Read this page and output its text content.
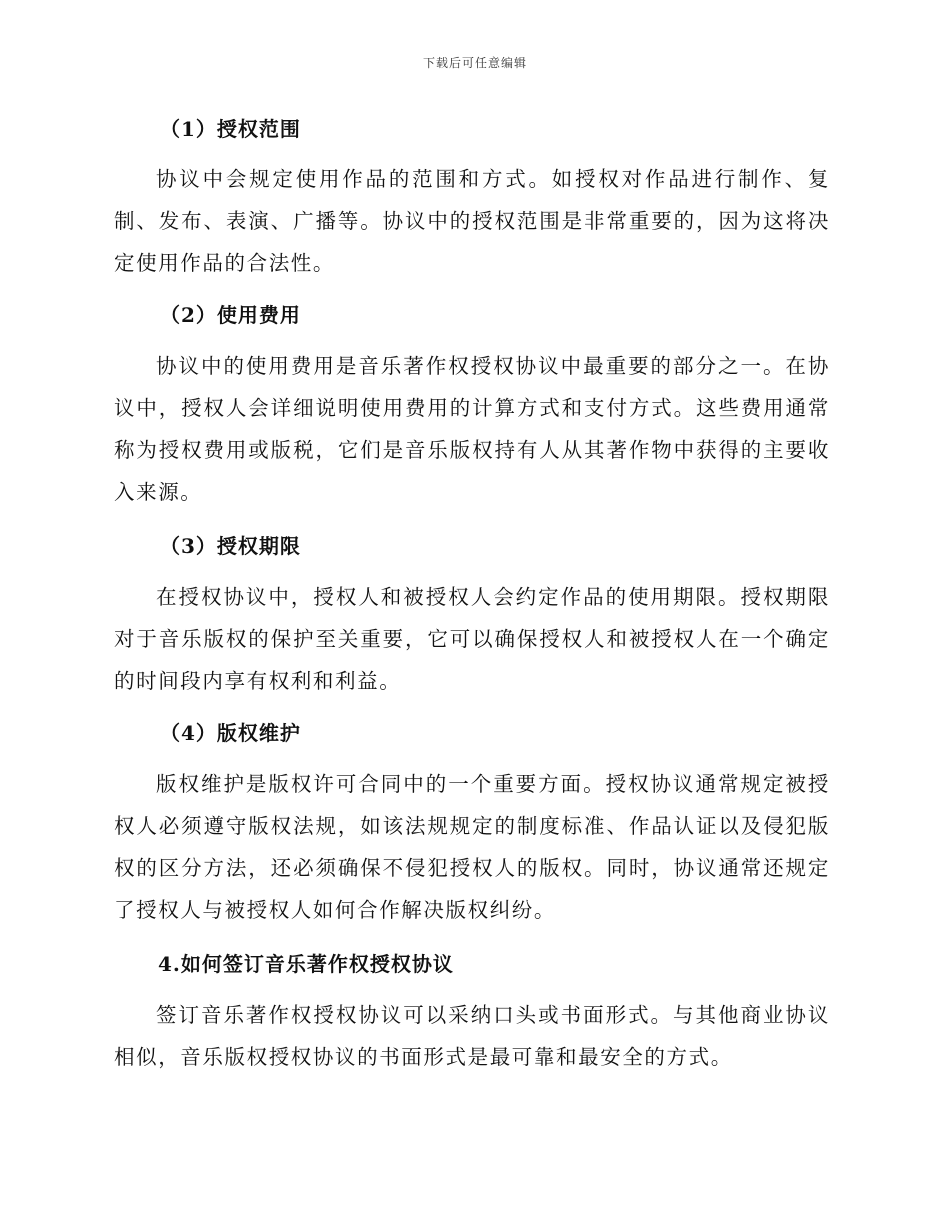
下载后可任意编辑
（1）授权范围

协议中会规定使用作品的范围和方式。如授权对作品进行制作、复制、发布、表演、广播等。协议中的授权范围是非常重要的，因为这将决定使用作品的合法性。

（2）使用费用

协议中的使用费用是音乐著作权授权协议中最重要的部分之一。在协议中，授权人会详细说明使用费用的计算方式和支付方式。这些费用通常称为授权费用或版税，它们是音乐版权持有人从其著作物中获得的主要收入来源。

（3）授权期限

在授权协议中，授权人和被授权人会约定作品的使用期限。授权期限对于音乐版权的保护至关重要，它可以确保授权人和被授权人在一个确定的时间段内享有权利和利益。

（4）版权维护

版权维护是版权许可合同中的一个重要方面。授权协议通常规定被授权人必须遵守版权法规，如该法规规定的制度标准、作品认证以及侵犯版权的区分方法，还必须确保不侵犯授权人的版权。同时，协议通常还规定了授权人与被授权人如何合作解决版权纠纷。

4.如何签订音乐著作权授权协议

签订音乐著作权授权协议可以采纳口头或书面形式。与其他商业协议相似，音乐版权授权协议的书面形式是最可靠和最安全的方式。
